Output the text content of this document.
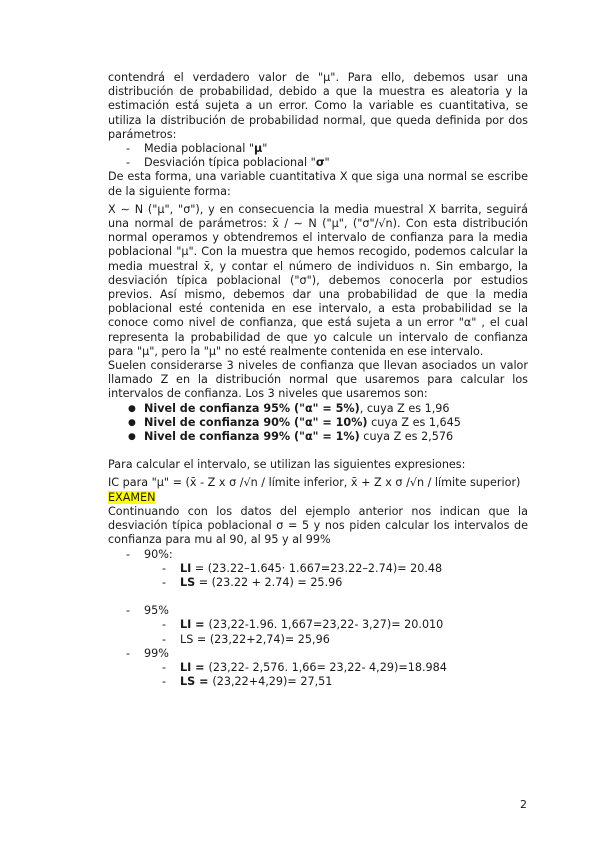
contendrá el verdadero valor de "μ". Para ello, debemos usar una distribución de probabilidad, debido a que la muestra es aleatoria y la estimación está sujeta a un error. Como la variable es cuantitativa, se utiliza la distribución de probabilidad normal, que queda definida por dos parámetros:

- Media poblacional "μ"
- Desviación típica poblacional "σ"

De esta forma, una variable cuantitativa X que siga una normal se escribe de la siguiente forma:

X ∼ N ("μ", "σ"), y en consecuencia la media muestral X barrita, seguirá una normal de parámetros: x̄ / ∼ N ("μ", ("σ"/√n). Con esta distribución normal operamos y obtendremos el intervalo de confianza para la media poblacional "μ". Con la muestra que hemos recogido, podemos calcular la media muestral x̄, y contar el número de individuos n. Sin embargo, la desviación típica poblacional ("σ"), debemos conocerla por estudios previos. Así mismo, debemos dar una probabilidad de que la media poblacional esté contenida en ese intervalo, a esta probabilidad se la conoce como nivel de confianza, que está sujeta a un error "α" , el cual representa la probabilidad de que yo calcule un intervalo de confianza para "μ", pero la "μ" no esté realmente contenida en ese intervalo.

Suelen considerarse 3 niveles de confianza que llevan asociados un valor llamado Z en la distribución normal que usaremos para calcular los intervalos de confianza. Los 3 niveles que usaremos son:

● Nivel de confianza 95% ("α" = 5%), cuya Z es 1,96
● Nivel de confianza 90% ("α" = 10%) cuya Z es 1,645
● Nivel de confianza 99% ("α" = 1%) cuya Z es 2,576

Para calcular el intervalo, se utilizan las siguientes expresiones:

IC para "μ" = (x̄ - Z x σ /√n / límite inferior, x̄ + Z x σ /√n / límite superior)

EXAMEN

Continuando con los datos del ejemplo anterior nos indican que la desviación típica poblacional σ = 5 y nos piden calcular los intervalos de confianza para mu al 90, al 95 y al 99%

- 90%:
- LI = (23.22–1.645· 1.667=23.22–2.74)= 20.48
- LS = (23.22 + 2.74) = 25.96
- 95%
- LI = (23,22-1.96. 1,667=23,22- 3,27)= 20.010
- LS = (23,22+2,74)= 25,96
- 99%
- LI = (23,22- 2,576. 1,66= 23,22- 4,29)=18.984
- LS = (23,22+4,29)= 27,51
2
